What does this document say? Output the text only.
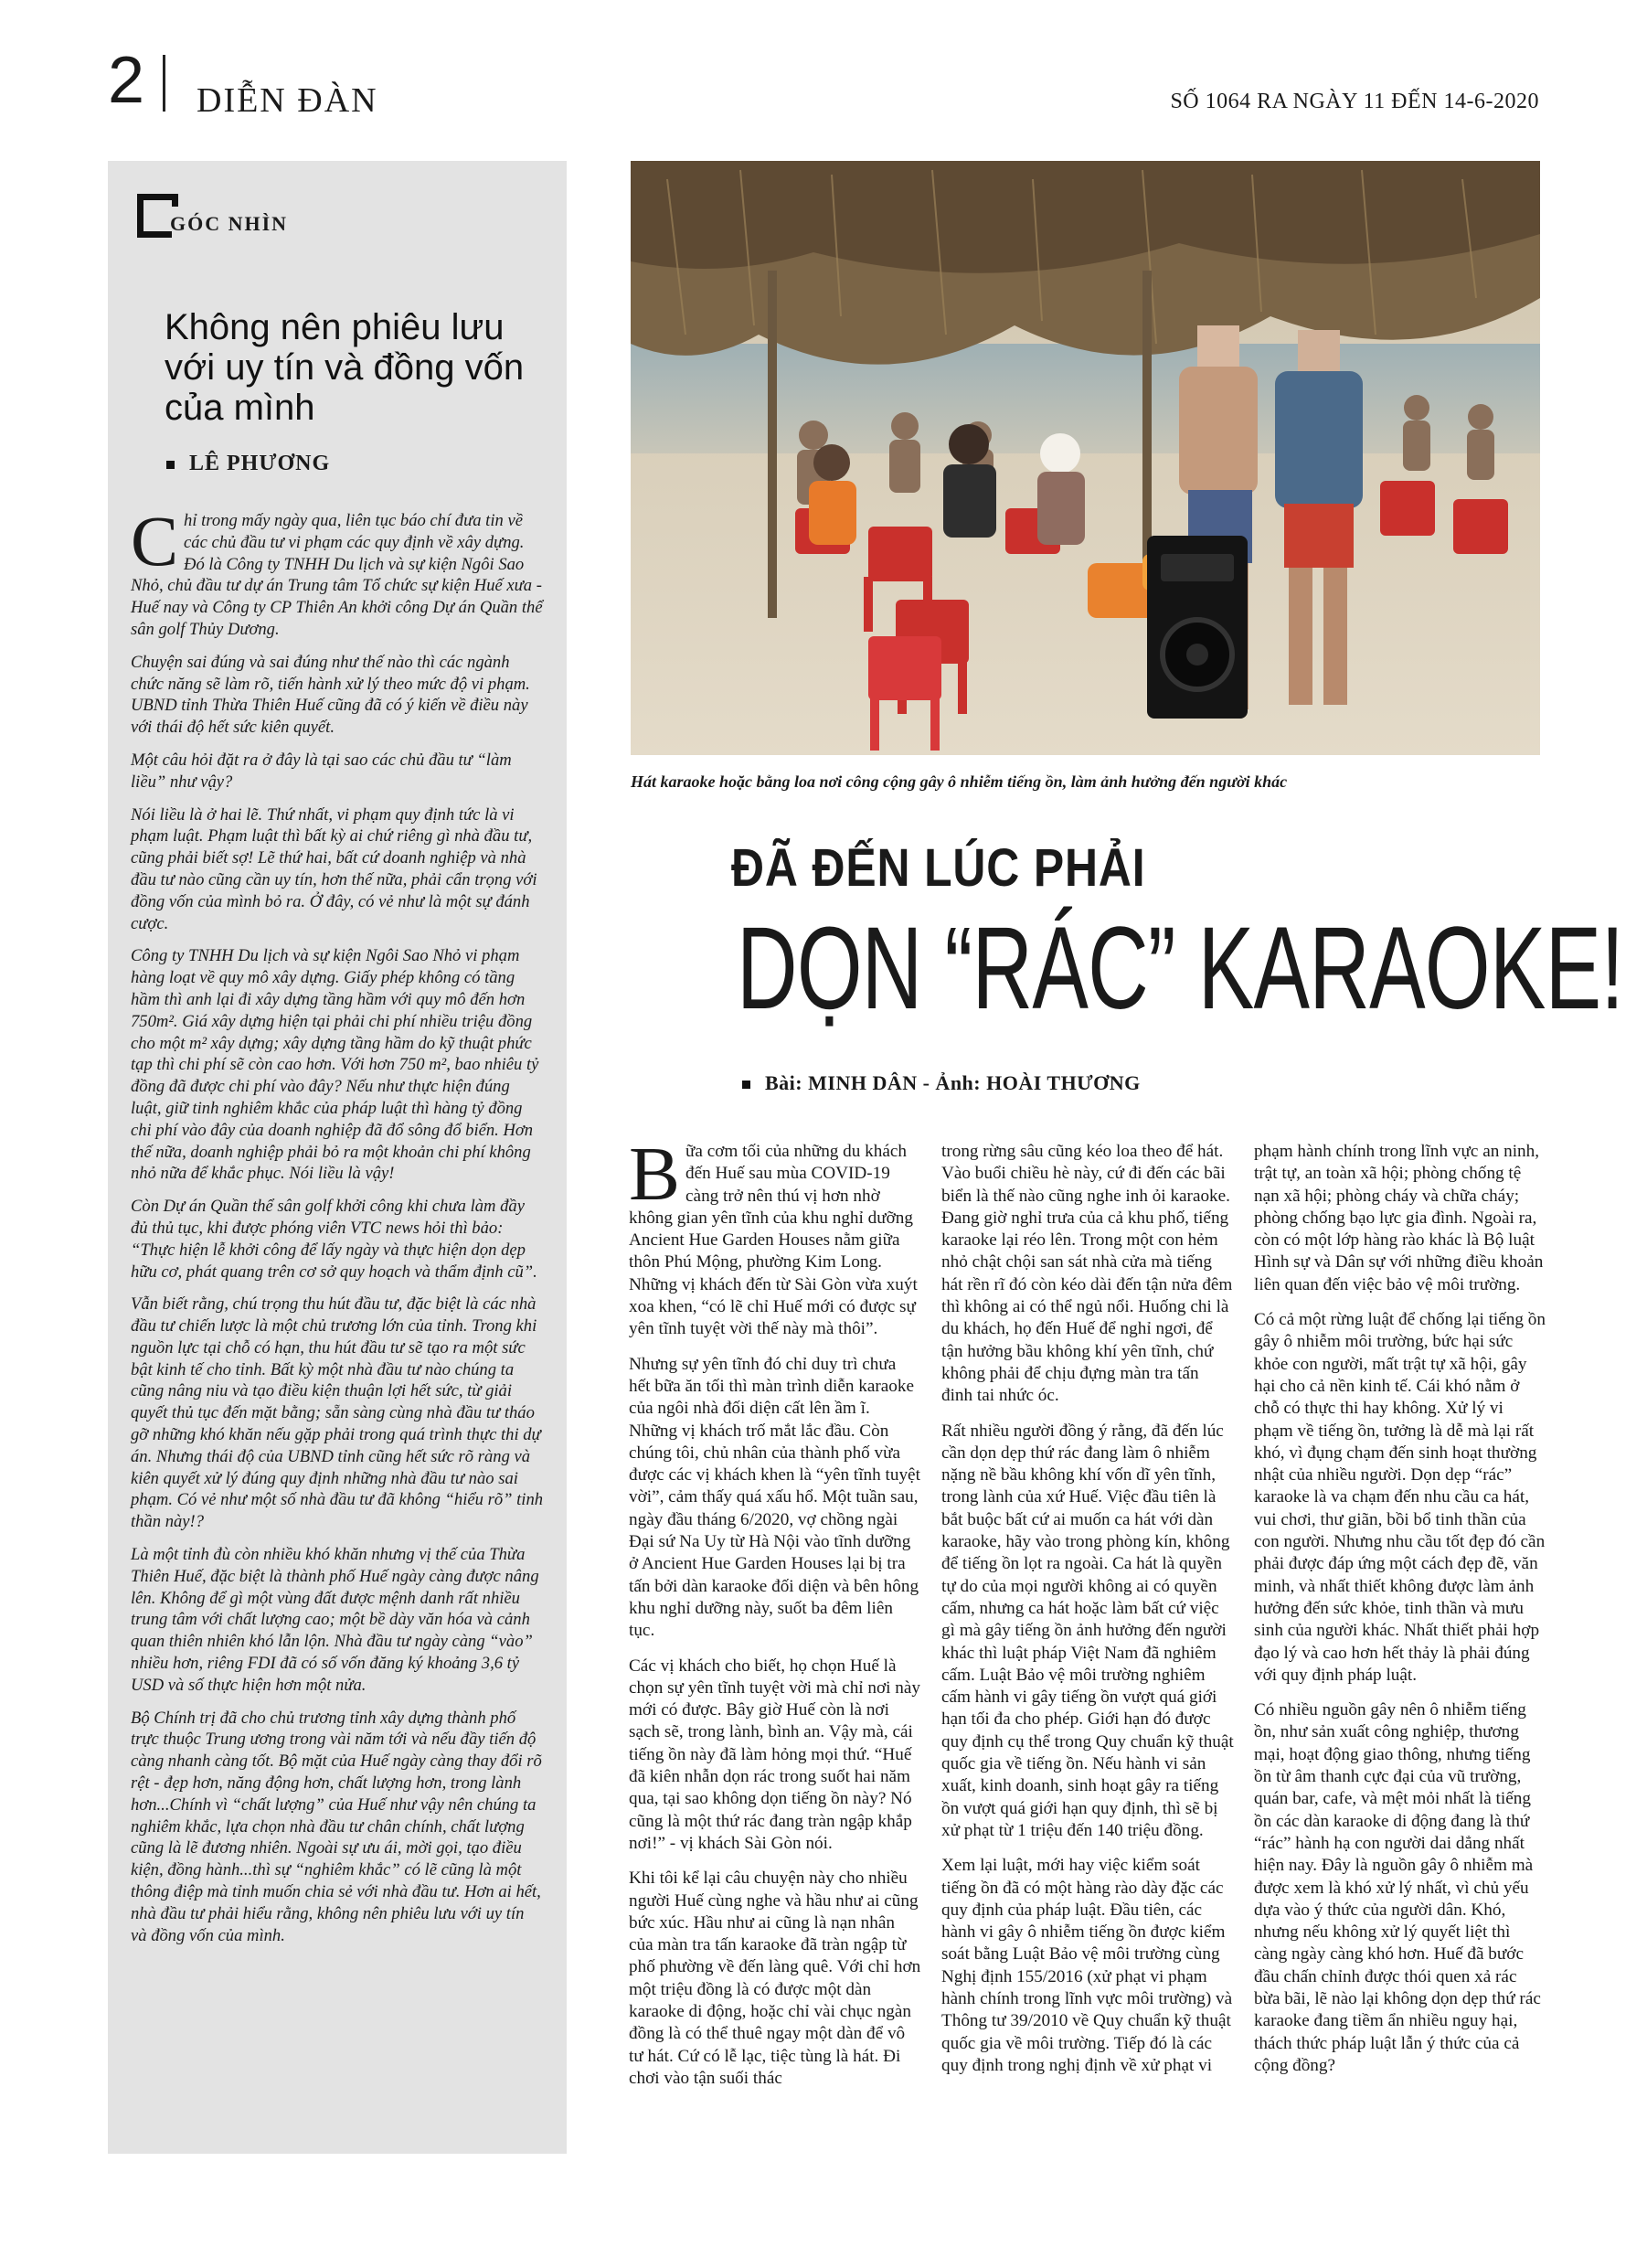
2 DIỄN ĐÀN	SỐ 1064 RA NGÀY 11 ĐẾN 14-6-2020
GÓC NHÌN
Không nên phiêu lưu với uy tín và đồng vốn của mình
LÊ PHƯƠNG

Chỉ trong mấy ngày qua, liên tục báo chí đưa tin về các chủ đầu tư vi phạm các quy định về xây dựng. Đó là Công ty TNHH Du lịch và sự kiện Ngôi Sao Nhỏ, chủ đầu tư dự án Trung tâm Tổ chức sự kiện Huế xưa - Huế nay và Công ty CP Thiên An khởi công Dự án Quần thể sân golf Thủy Dương.

Chuyện sai đúng và sai đúng như thế nào thì các ngành chức năng sẽ làm rõ, tiến hành xử lý theo mức độ vi phạm. UBND tỉnh Thừa Thiên Huế cũng đã có ý kiến về điều này với thái độ hết sức kiên quyết.

Một câu hỏi đặt ra ở đây là tại sao các chủ đầu tư “làm liều” như vậy?

Nói liều là ở hai lẽ. Thứ nhất, vi phạm quy định tức là vi phạm luật. Phạm luật thì bất kỳ ai chứ riêng gì nhà đầu tư, cũng phải biết sợ! Lẽ thứ hai, bất cứ doanh nghiệp và nhà đầu tư nào cũng cần uy tín, hơn thế nữa, phải cẩn trọng với đồng vốn của mình bỏ ra. Ở đây, có vẻ như là một sự đánh cược.

Công ty TNHH Du lịch và sự kiện Ngôi Sao Nhỏ vi phạm hàng loạt về quy mô xây dựng. Giấy phép không có tầng hầm thì anh lại đi xây dựng tầng hầm với quy mô đến hơn 750m². Giá xây dựng hiện tại phải chi phí nhiều triệu đồng cho một m² xây dựng; xây dựng tầng hầm do kỹ thuật phức tạp thì chi phí sẽ còn cao hơn. Với hơn 750 m², bao nhiêu tỷ đồng đã được chi phí vào đây? Nếu như thực hiện đúng luật, giữ tinh nghiêm khắc của pháp luật thì hàng tỷ đồng chi phí vào đây của doanh nghiệp đã đổ sông đổ biển. Hơn thế nữa, doanh nghiệp phải bỏ ra một khoản chi phí không nhỏ nữa để khắc phục. Nói liều là vậy!

Còn Dự án Quần thể sân golf khởi công khi chưa làm đầy đủ thủ tục, khi được phóng viên VTC news hỏi thì bảo: “Thực hiện lễ khởi công để lấy ngày và thực hiện dọn dẹp hữu cơ, phát quang trên cơ sở quy hoạch và thẩm định cũ”.

Vẫn biết rằng, chú trọng thu hút đầu tư, đặc biệt là các nhà đầu tư chiến lược là một chủ trương lớn của tỉnh. Trong khi nguồn lực tại chỗ có hạn, thu hút đầu tư sẽ tạo ra một sức bật kinh tế cho tỉnh. Bất kỳ một nhà đầu tư nào chúng ta cũng nâng niu và tạo điều kiện thuận lợi hết sức, từ giải quyết thủ tục đến mặt bằng; sẵn sàng cùng nhà đầu tư tháo gỡ những khó khăn nếu gặp phải trong quá trình thực thi dự án. Nhưng thái độ của UBND tỉnh cũng hết sức rõ ràng và kiên quyết xử lý đúng quy định những nhà đầu tư nào sai phạm. Có vẻ như một số nhà đầu tư đã không “hiểu rõ” tinh thần này!?

Là một tỉnh đù còn nhiều khó khăn nhưng vị thế của Thừa Thiên Huế, đặc biệt là thành phố Huế ngày càng được nâng lên. Không để gì một vùng đất được mệnh danh rất nhiều trung tâm với chất lượng cao; một bề dày văn hóa và cảnh quan thiên nhiên khó lẫn lộn. Nhà đầu tư ngày càng “vào” nhiều hơn, riêng FDI đã có số vốn đăng ký khoảng 3,6 tỷ USD và số thực hiện hơn một nửa.

Bộ Chính trị đã cho chủ trương tỉnh xây dựng thành phố trực thuộc Trung ương trong vài năm tới và nếu đầy tiến độ càng nhanh càng tốt. Bộ mặt của Huế ngày càng thay đổi rõ rệt - đẹp hơn, năng động hơn, chất lượng hơn, trong lành hơn...Chính vì “chất lượng” của Huế như vậy nên chúng ta nghiêm khắc, lựa chọn nhà đầu tư chân chính, chất lượng cũng là lẽ đương nhiên. Ngoài sự ưu ái, mời gọi, tạo điều kiện, đồng hành...thì sự “nghiêm khắc” có lẽ cũng là một thông điệp mà tỉnh muốn chia sẻ với nhà đầu tư. Hơn ai hết, nhà đầu tư phải hiểu rằng, không nên phiêu lưu với uy tín và đồng vốn của mình.

Hát karaoke hoặc bằng loa nơi công cộng gây ô nhiễm tiếng ồn, làm ảnh hưởng đến người khác
ĐÃ ĐẾN LÚC PHẢI
DỌN “RÁC” KARAOKE!
Bài: MINH DÂN - Ảnh: HOÀI THƯƠNG

Bữa cơm tối của những du khách đến Huế sau mùa COVID-19 càng trở nên thú vị hơn nhờ không gian yên tĩnh của khu nghỉ dưỡng Ancient Hue Garden Houses nằm giữa thôn Phú Mộng, phường Kim Long. Những vị khách đến từ Sài Gòn vừa xuýt xoa khen, “có lẽ chỉ Huế mới có được sự yên tĩnh tuyệt vời thế này mà thôi”.

Nhưng sự yên tĩnh đó chỉ duy trì chưa hết bữa ăn tối thì màn trình diễn karaoke của ngôi nhà đối diện cất lên ầm ĩ. Những vị khách trố mắt lắc đầu. Còn chúng tôi, chủ nhân của thành phố vừa được các vị khách khen là “yên tĩnh tuyệt vời”, cảm thấy quá xấu hổ. Một tuần sau, ngày đầu tháng 6/2020, vợ chồng ngài Đại sứ Na Uy từ Hà Nội vào tĩnh dưỡng ở Ancient Hue Garden Houses lại bị tra tấn bởi dàn karaoke đối diện và bên hông khu nghỉ dưỡng này, suốt ba đêm liên tục.

Các vị khách cho biết, họ chọn Huế là chọn sự yên tĩnh tuyệt vời mà chỉ nơi này mới có được. Bây giờ Huế còn là nơi sạch sẽ, trong lành, bình an. Vậy mà, cái tiếng ồn này đã làm hỏng mọi thứ. “Huế đã kiên nhẫn dọn rác trong suốt hai năm qua, tại sao không dọn tiếng ồn này? Nó cũng là một thứ rác đang tràn ngập khắp nơi!” - vị khách Sài Gòn nói.

Khi tôi kể lại câu chuyện này cho nhiều người Huế cùng nghe và hầu như ai cũng bức xúc. Hầu như ai cũng là nạn nhân của màn tra tấn karaoke đã tràn ngập từ phố phường về đến làng quê. Với chỉ hơn một triệu đồng là có được một dàn karaoke di động, hoặc chỉ vài chục ngàn đồng là có thể thuê ngay một dàn để vô tư hát. Cứ có lễ lạc, tiệc tùng là hát. Đi chơi vào tận suối thác

trong rừng sâu cũng kéo loa theo để hát. Vào buổi chiều hè này, cứ đi đến các bãi biển là thế nào cũng nghe inh ỏi karaoke. Đang giờ nghỉ trưa của cả khu phố, tiếng karaoke lại réo lên. Trong một con hẻm nhỏ chật chội san sát nhà cửa mà tiếng hát rền rĩ đó còn kéo dài đến tận nửa đêm thì không ai có thể ngủ nổi. Huống chi là du khách, họ đến Huế để nghỉ ngơi, để tận hưởng bầu không khí yên tĩnh, chứ không phải để chịu đựng màn tra tấn đinh tai nhức óc.

Rất nhiều người đồng ý rằng, đã đến lúc cần dọn dẹp thứ rác đang làm ô nhiễm nặng nề bầu không khí vốn dĩ yên tĩnh, trong lành của xứ Huế. Việc đầu tiên là bắt buộc bất cứ ai muốn ca hát với dàn karaoke, hãy vào trong phòng kín, không để tiếng ồn lọt ra ngoài. Ca hát là quyền tự do của mọi người không ai có quyền cấm, nhưng ca hát hoặc làm bất cứ việc gì mà gây tiếng ồn ảnh hưởng đến người khác thì luật pháp Việt Nam đã nghiêm cấm. Luật Bảo vệ môi trường nghiêm cấm hành vi gây tiếng ồn vượt quá giới hạn tối đa cho phép. Giới hạn đó được quy định cụ thể trong Quy chuẩn kỹ thuật quốc gia về tiếng ồn. Nếu hành vi sản xuất, kinh doanh, sinh hoạt gây ra tiếng ồn vượt quá giới hạn quy định, thì sẽ bị xử phạt từ 1 triệu đến 140 triệu đồng.

Xem lại luật, mới hay việc kiểm soát tiếng ồn đã có một hàng rào dày đặc các quy định của pháp luật. Đầu tiên, các hành vi gây ô nhiễm tiếng ồn được kiểm soát bằng Luật Bảo vệ môi trường cùng Nghị định 155/2016 (xử phạt vi phạm hành chính trong lĩnh vực môi trường) và Thông tư 39/2010 về Quy chuẩn kỹ thuật quốc gia về môi trường. Tiếp đó là các quy định trong nghị định về xử phạt vi

phạm hành chính trong lĩnh vực an ninh, trật tự, an toàn xã hội; phòng chống tệ nạn xã hội; phòng cháy và chữa cháy; phòng chống bạo lực gia đình. Ngoài ra, còn có một lớp hàng rào khác là Bộ luật Hình sự và Dân sự với những điều khoản liên quan đến việc bảo vệ môi trường.

Có cả một rừng luật để chống lại tiếng ồn gây ô nhiễm môi trường, bức hại sức khỏe con người, mất trật tự xã hội, gây hại cho cả nền kinh tế. Cái khó nằm ở chỗ có thực thi hay không. Xử lý vi phạm về tiếng ồn, tưởng là dễ mà lại rất khó, vì đụng chạm đến sinh hoạt thường nhật của nhiều người. Dọn dẹp “rác” karaoke là va chạm đến nhu cầu ca hát, vui chơi, thư giãn, bồi bổ tinh thần của con người. Nhưng nhu cầu tốt đẹp đó cần phải được đáp ứng một cách đẹp đẽ, văn minh, và nhất thiết không được làm ảnh hưởng đến sức khỏe, tinh thần và mưu sinh của người khác. Nhất thiết phải hợp đạo lý và cao hơn hết thảy là phải đúng với quy định pháp luật.

Có nhiều nguồn gây nên ô nhiễm tiếng ồn, như sản xuất công nghiệp, thương mại, hoạt động giao thông, nhưng tiếng ồn từ âm thanh cực đại của vũ trường, quán bar, cafe, và mệt mỏi nhất là tiếng ồn các dàn karaoke di động đang là thứ “rác” hành hạ con người dai dẳng nhất hiện nay. Đây là nguồn gây ô nhiễm mà được xem là khó xử lý nhất, vì chủ yếu dựa vào ý thức của người dân. Khó, nhưng nếu không xử lý quyết liệt thì càng ngày càng khó hơn. Huế đã bước đầu chấn chỉnh được thói quen xả rác bừa bãi, lẽ nào lại không dọn dẹp thứ rác karaoke đang tiềm ẩn nhiều nguy hại, thách thức pháp luật lẫn ý thức của cả cộng đồng?
